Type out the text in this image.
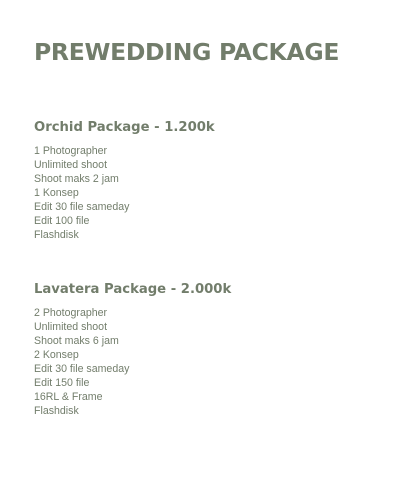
PREWEDDING PACKAGE
Orchid Package - 1.200k
1 Photographer
Unlimited shoot
Shoot maks 2 jam
1 Konsep
Edit 30 file sameday
Edit 100 file
Flashdisk
Lavatera Package - 2.000k
2 Photographer
Unlimited shoot
Shoot maks 6 jam
2 Konsep
Edit 30 file sameday
Edit 150 file
16RL & Frame
Flashdisk
